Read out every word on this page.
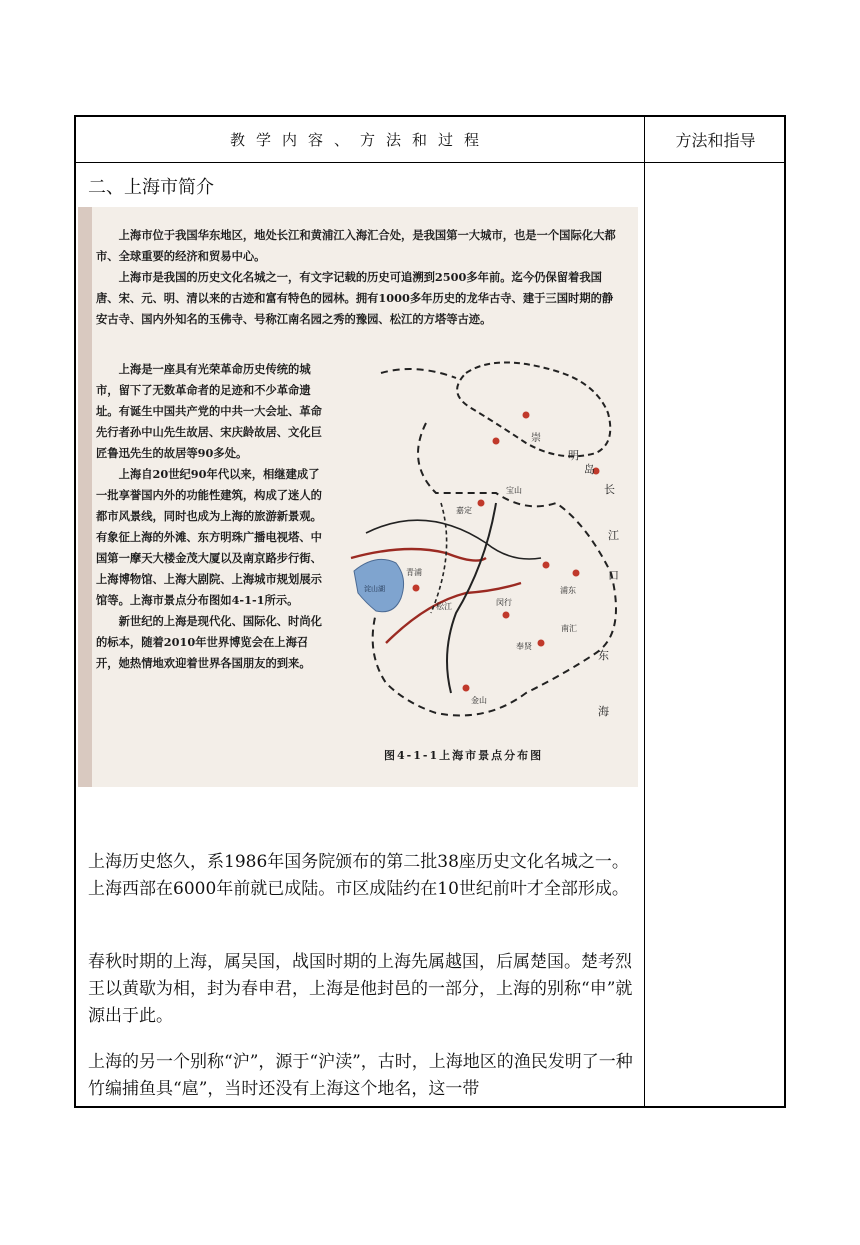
教学内容、方法和过程	方法和指导
二、上海市简介

上海市位于我国华东地区，地处长江和黄浦江入海汇合处，是我国第一大城市，也是一个国际化大都市、全球重要的经济和贸易中心。

上海市是我国的历史文化名城之一，有文字记载的历史可追溯到2500多年前。迄今仍保留着我国唐、宋、元、明、清以来的古迹和富有特色的园林。拥有1000多年历史的龙华古寺、建于三国时期的静安古寺、国内外知名的玉佛寺、号称江南名园之秀的豫园、松江的方塔等古迹。

上海是一座具有光荣革命历史传统的城市，留下了无数革命者的足迹和不少革命遗址。有诞生中国共产党的中共一大会址、革命先行者孙中山先生故居、宋庆龄故居、文化巨匠鲁迅先生的故居等90多处。

上海自20世纪90年代以来，相继建成了一批享誉国内外的功能性建筑，构成了迷人的都市风景线，同时也成为上海的旅游新景观。有象征上海的外滩、东方明珠广播电视塔、中国第一摩天大楼金茂大厦以及南京路步行街、上海博物馆、上海大剧院、上海城市规划展示馆等。上海市景点分布图如4-1-1所示。

新世纪的上海是现代化、国际化、时尚化的标本，随着2010年世界博览会在上海召开，她热情地欢迎着世界各国朋友的到来。

崇
明
岛
长
江
口
东
海
嘉定
宝山
青浦
松江	闵行
浦东
南汇
奉贤
金山
淀山湖
图4-1-1上海市景点分布图
上海历史悠久，系1986年国务院颁布的第二批38座历史文化名城之一。上海西部在6000年前就已成陆。市区成陆约在10世纪前叶才全部形成。
春秋时期的上海，属吴国，战国时期的上海先属越国，后属楚国。楚考烈王以黄歇为相，封为春申君，上海是他封邑的一部分，上海的别称“申”就源出于此。
上海的另一个别称“沪”，源于“沪渎”，古时，上海地区的渔民发明了一种竹编捕鱼具“扈”，当时还没有上海这个地名，这一带
